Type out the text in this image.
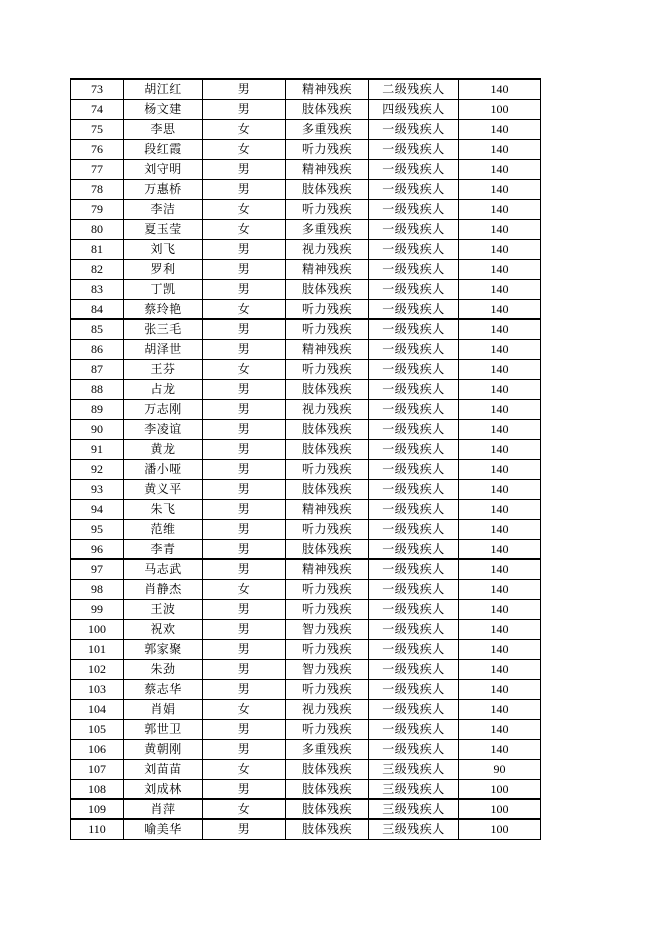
73	胡江红	男	精神残疾	二级残疾人	140
74	杨文建	男	肢体残疾	四级残疾人	100
75	李思	女	多重残疾	一级残疾人	140
76	段红霞	女	听力残疾	一级残疾人	140
77	刘守明	男	精神残疾	一级残疾人	140
78	万惠桥	男	肢体残疾	一级残疾人	140
79	李洁	女	听力残疾	一级残疾人	140
80	夏玉莹	女	多重残疾	一级残疾人	140
81	刘飞	男	视力残疾	一级残疾人	140
82	罗利	男	精神残疾	一级残疾人	140
83	丁凯	男	肢体残疾	一级残疾人	140
84	蔡玲艳	女	听力残疾	一级残疾人	140
85	张三毛	男	听力残疾	一级残疾人	140
86	胡泽世	男	精神残疾	一级残疾人	140
87	王芬	女	听力残疾	一级残疾人	140
88	占龙	男	肢体残疾	一级残疾人	140
89	万志刚	男	视力残疾	一级残疾人	140
90	李凌谊	男	肢体残疾	一级残疾人	140
91	黄龙	男	肢体残疾	一级残疾人	140
92	潘小哑	男	听力残疾	一级残疾人	140
93	黄义平	男	肢体残疾	一级残疾人	140
94	朱飞	男	精神残疾	一级残疾人	140
95	范维	男	听力残疾	一级残疾人	140
96	李青	男	肢体残疾	一级残疾人	140
97	马志武	男	精神残疾	一级残疾人	140
98	肖静杰	女	听力残疾	一级残疾人	140
99	王波	男	听力残疾	一级残疾人	140
100	祝欢	男	智力残疾	一级残疾人	140
101	郭家聚	男	听力残疾	一级残疾人	140
102	朱劲	男	智力残疾	一级残疾人	140
103	蔡志华	男	听力残疾	一级残疾人	140
104	肖娟	女	视力残疾	一级残疾人	140
105	郭世卫	男	听力残疾	一级残疾人	140
106	黄朝刚	男	多重残疾	一级残疾人	140
107	刘苗苗	女	肢体残疾	三级残疾人	90
108	刘成林	男	肢体残疾	三级残疾人	100
109	肖萍	女	肢体残疾	三级残疾人	100
110	喻美华	男	肢体残疾	三级残疾人	100
